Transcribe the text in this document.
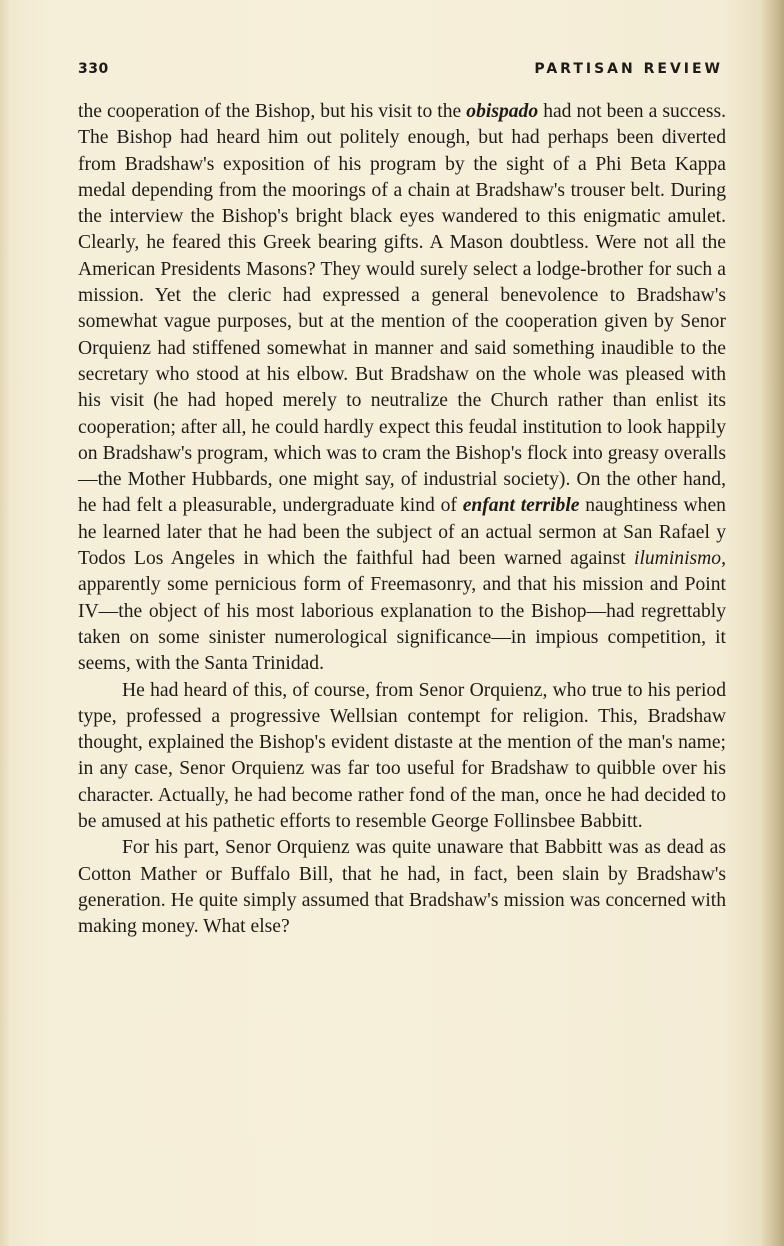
330	PARTISAN REVIEW

the cooperation of the Bishop, but his visit to the obispado had not been a success. The Bishop had heard him out politely enough, but had perhaps been diverted from Bradshaw's exposition of his program by the sight of a Phi Beta Kappa medal depending from the moorings of a chain at Bradshaw's trouser belt. During the interview the Bishop's bright black eyes wandered to this enigmatic amulet. Clearly, he feared this Greek bearing gifts. A Mason doubtless. Were not all the American Presidents Masons? They would surely select a lodge-brother for such a mission. Yet the cleric had expressed a general benevolence to Bradshaw's somewhat vague purposes, but at the mention of the cooperation given by Senor Orquienz had stiffened somewhat in manner and said something inaudible to the secretary who stood at his elbow. But Bradshaw on the whole was pleased with his visit (he had hoped merely to neutralize the Church rather than enlist its cooperation; after all, he could hardly expect this feudal institution to look happily on Bradshaw's program, which was to cram the Bishop's flock into greasy overalls—the Mother Hubbards, one might say, of industrial society). On the other hand, he had felt a pleasurable, undergraduate kind of enfant terrible naughtiness when he learned later that he had been the subject of an actual sermon at San Rafael y Todos Los Angeles in which the faithful had been warned against iluminismo, apparently some pernicious form of Freemasonry, and that his mission and Point IV—the object of his most laborious explanation to the Bishop—had regrettably taken on some sinister numerological significance—in impious competition, it seems, with the Santa Trinidad.

He had heard of this, of course, from Senor Orquienz, who true to his period type, professed a progressive Wellsian contempt for religion. This, Bradshaw thought, explained the Bishop's evident distaste at the mention of the man's name; in any case, Senor Orquienz was far too useful for Bradshaw to quibble over his character. Actually, he had become rather fond of the man, once he had decided to be amused at his pathetic efforts to resemble George Follinsbee Babbitt.

For his part, Senor Orquienz was quite unaware that Babbitt was as dead as Cotton Mather or Buffalo Bill, that he had, in fact, been slain by Bradshaw's generation. He quite simply assumed that Bradshaw's mission was concerned with making money. What else?
